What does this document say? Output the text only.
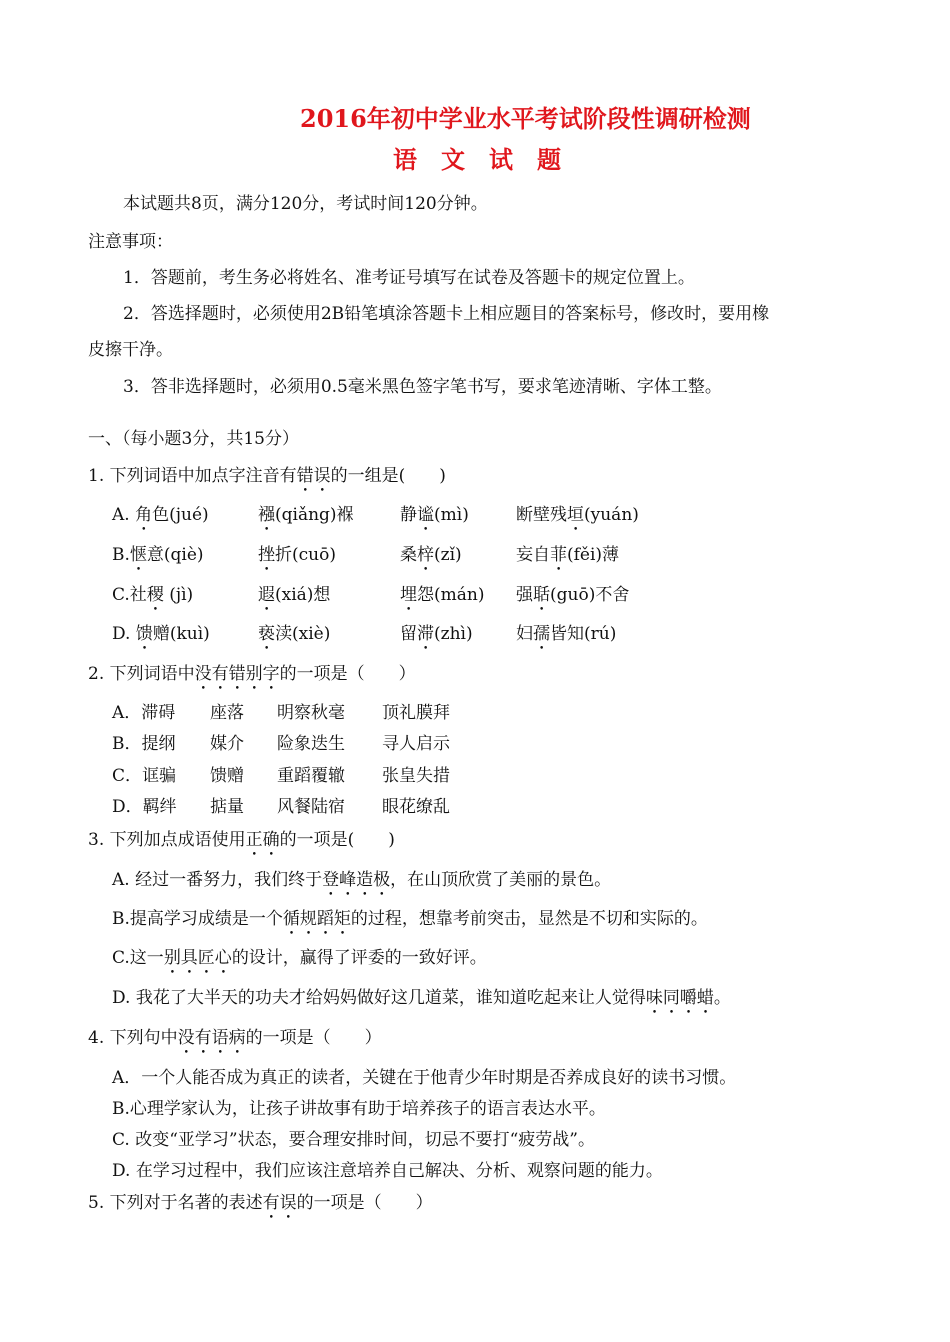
2016年初中学业水平考试阶段性调研检测
语　文　试　题
本试题共8页，满分120分，考试时间120分钟。
注意事项：
1．答题前，考生务必将姓名、准考证号填写在试卷及答题卡的规定位置上。
2．答选择题时，必须使用2B铅笔填涂答题卡上相应题目的答案标号，修改时，要用橡
皮擦干净。
3．答非选择题时，必须用0.5毫米黑色签字笔书写，要求笔迹清晰、字体工整。
一、（每小题3分，共15分）
1. 下列词语中加点字注音有错误的一组是(　　)
A. 角色(jué)	襁(qiǎng)褓	静谧(mì)	断壁残垣(yuán)
B.惬意(qiè)	挫折(cuō)	桑梓(zǐ)	妄自菲(fěi)薄
C.社稷 (jì)	遐(xiá)想	埋怨(mán) 强聒(guō)不舍
D. 馈赠(kuì)	亵渎(xiè)	留滞(zhì)	妇孺皆知(rú)
2. 下列词语中没有错别字的一项是（　　）
A．滞碍 座落 明察秋毫 顶礼膜拜
B．提纲 媒介 险象迭生 寻人启示
C．诓骗 馈赠 重蹈覆辙 张皇失措
D．羁绊 掂量 风餐陆宿 眼花缭乱
3. 下列加点成语使用正确的一项是(　　)
A. 经过一番努力，我们终于登峰造极，在山顶欣赏了美丽的景色。
B.提高学习成绩是一个循规蹈矩的过程，想靠考前突击，显然是不切和实际的。
C.这一别具匠心的设计，赢得了评委的一致好评。
D. 我花了大半天的功夫才给妈妈做好这几道菜，谁知道吃起来让人觉得味同嚼蜡。
4. 下列句中没有语病的一项是（　　）
A．一个人能否成为真正的读者，关键在于他青少年时期是否养成良好的读书习惯。
B.心理学家认为，让孩子讲故事有助于培养孩子的语言表达水平。
C. 改变“亚学习”状态，要合理安排时间，切忌不要打“疲劳战”。
D. 在学习过程中，我们应该注意培养自己解决、分析、观察问题的能力。
5. 下列对于名著的表述有误的一项是（　　）
